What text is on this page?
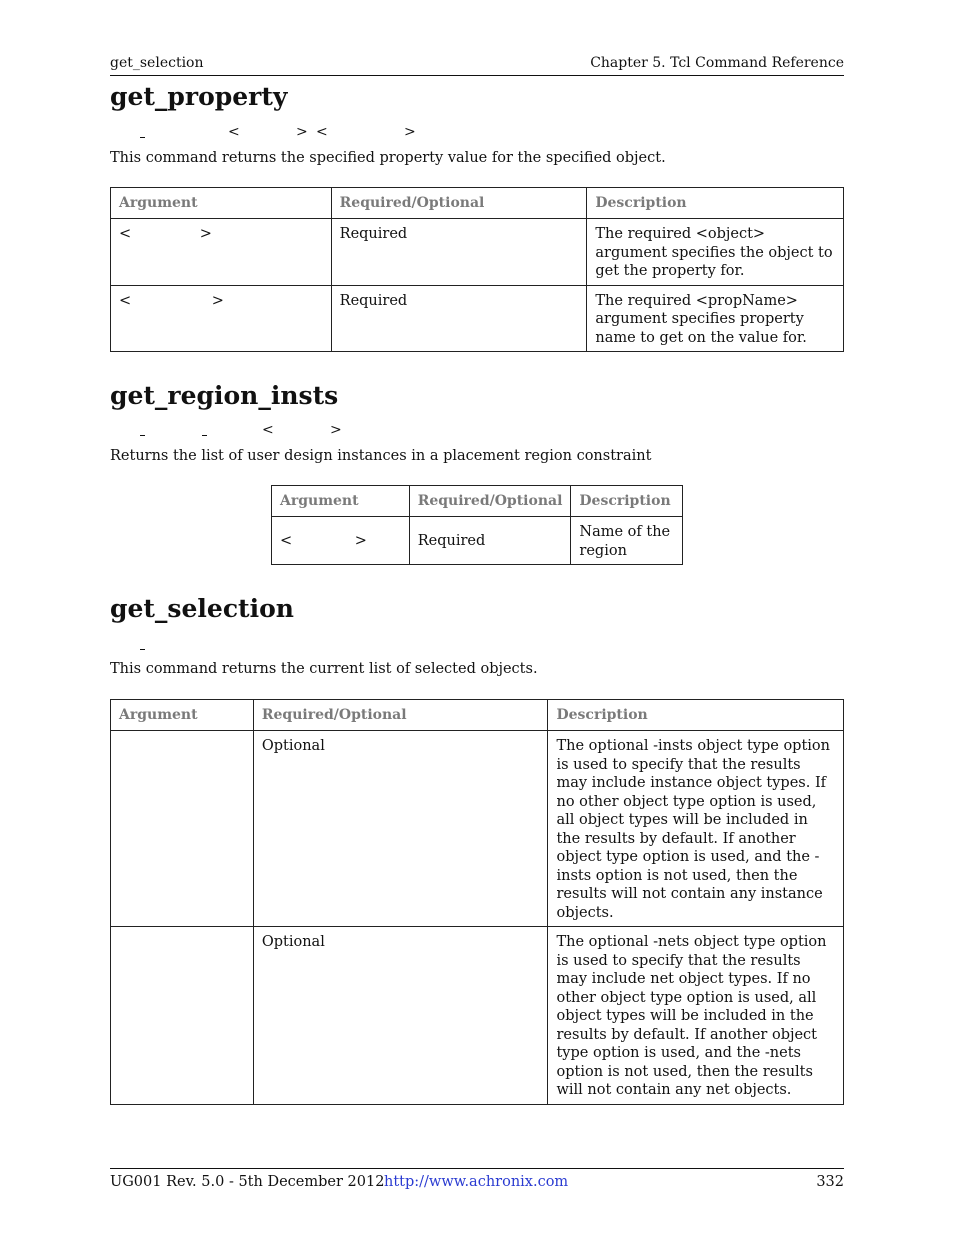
get_selection	Chapter 5. Tcl Command Reference
get_property
<	> <	>
This command returns the specified property value for the specified object.
Argument	Required/Optional	Description
< >	Required	The required <object> argument specifies the object to get the property for.
< >	Required	The required <propName> argument specifies property name to get on the value for.
get_region_insts
<	>
Returns the list of user design instances in a placement region constraint
Argument	Required/Optional	Description
< >	Required	Name of the region
get_selection
This command returns the current list of selected objects.
Argument	Required/Optional	Description
	Optional	The optional -insts object type option is used to specify that the results may include instance object types. If no other object type option is used, all object types will be included in the results by default. If another object type option is used, and the -insts option is not used, then the results will not contain any instance objects.
	Optional	The optional -nets object type option is used to specify that the results may include net object types. If no other object type option is used, all object types will be included in the results by default. If another object type option is used, and the -nets option is not used, then the results will not contain any net objects.
UG001 Rev. 5.0 - 5th December 2012 http://www.achronix.com	332
